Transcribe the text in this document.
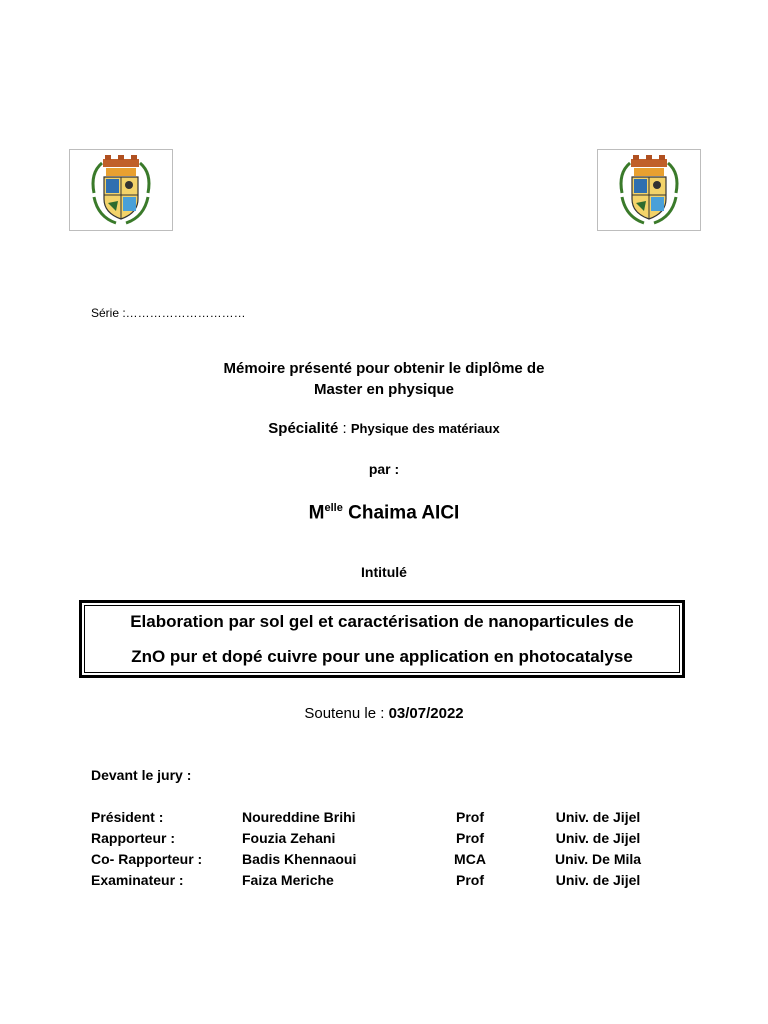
Série :…………………………
Mémoire présenté pour obtenir le diplôme de
Master en physique
Spécialité : Physique des matériaux
par :
$M^{elle}$ Chaima AICI
Intitulé
Elaboration par sol gel et caractérisation de nanoparticules de
ZnO pur et dopé cuivre pour une application en photocatalyse
Soutenu le : 03/07/2022
Devant le jury :
Président :	Noureddine Brihi	Prof	Univ. de Jijel
Rapporteur :	Fouzia Zehani	Prof	Univ. de Jijel
Co- Rapporteur :	Badis Khennaoui	MCA	Univ. De Mila
Examinateur :	Faiza Meriche	Prof	Univ. de Jijel
